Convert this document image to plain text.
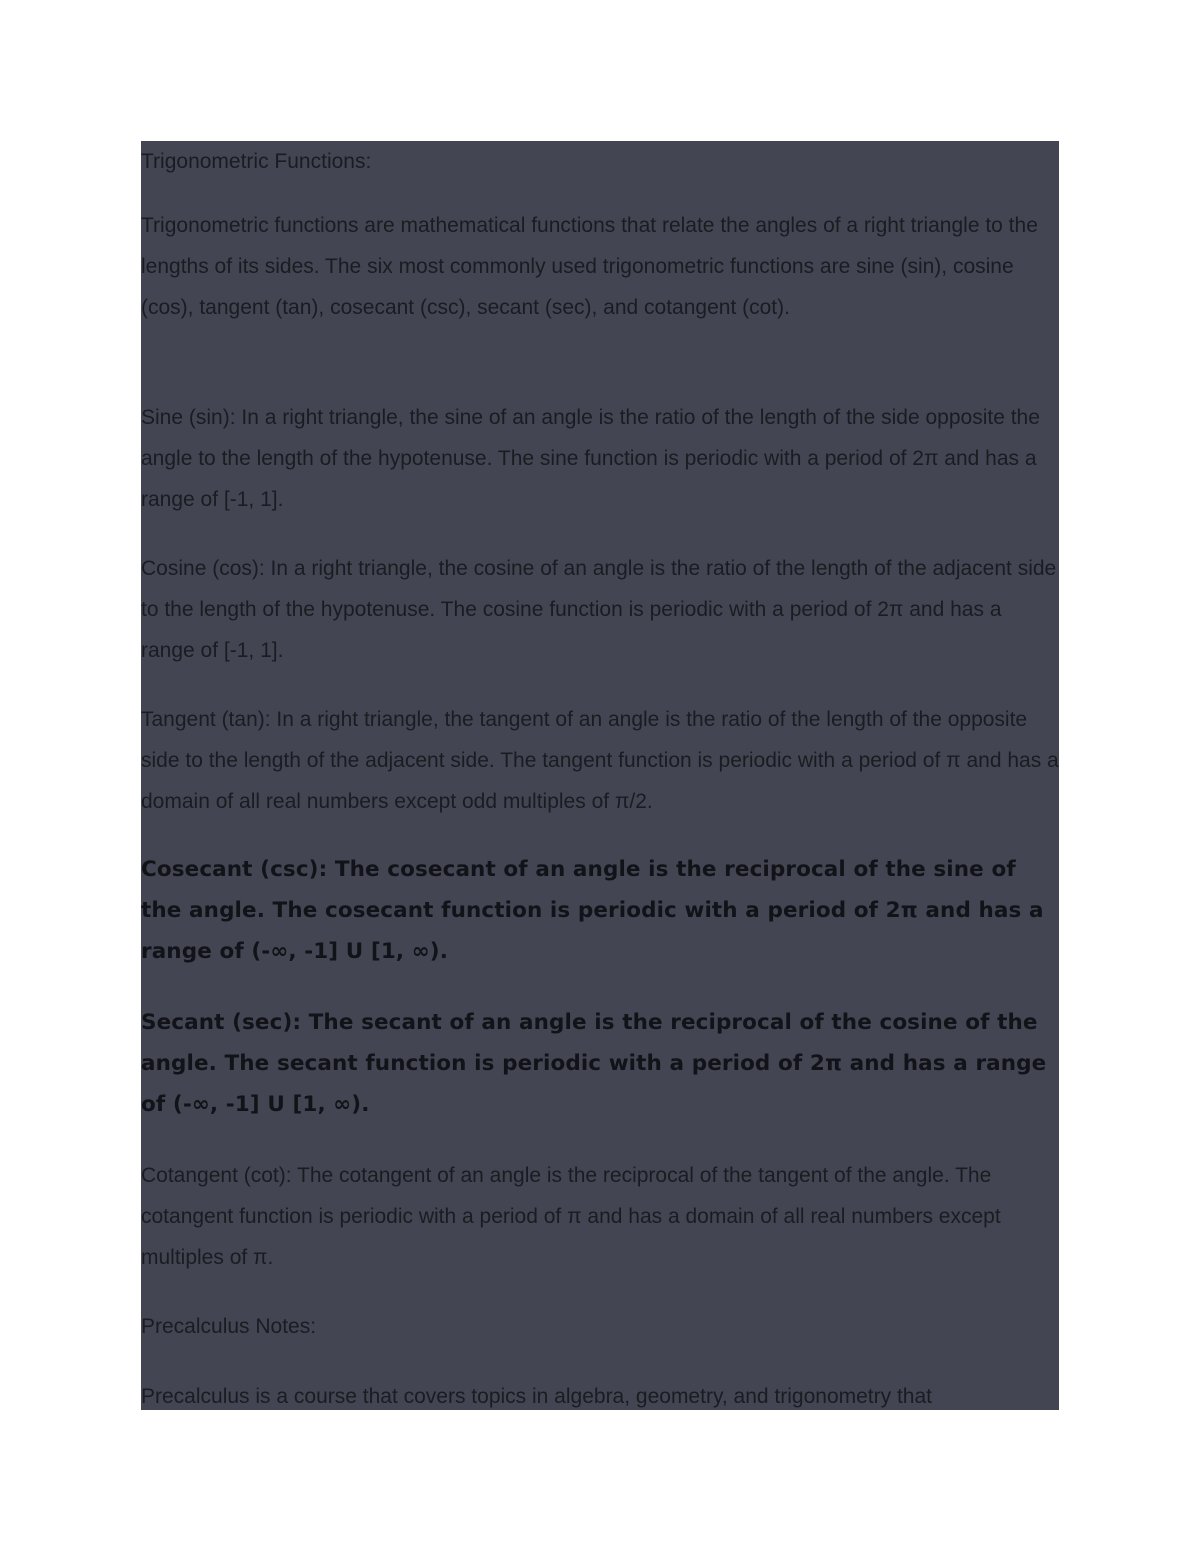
Trigonometric Functions:

Trigonometric functions are mathematical functions that relate the angles of a right triangle to the lengths of its sides. The six most commonly used trigonometric functions are sine (sin), cosine (cos), tangent (tan), cosecant (csc), secant (sec), and cotangent (cot).

Sine (sin): In a right triangle, the sine of an angle is the ratio of the length of the side opposite the angle to the length of the hypotenuse. The sine function is periodic with a period of 2π and has a range of [-1, 1].

Cosine (cos): In a right triangle, the cosine of an angle is the ratio of the length of the adjacent side to the length of the hypotenuse. The cosine function is periodic with a period of 2π and has a range of [-1, 1].

Tangent (tan): In a right triangle, the tangent of an angle is the ratio of the length of the opposite side to the length of the adjacent side. The tangent function is periodic with a period of π and has a domain of all real numbers except odd multiples of π/2.

Cosecant (csc): The cosecant of an angle is the reciprocal of the sine of the angle. The cosecant function is periodic with a period of 2π and has a range of (-∞, -1] U [1, ∞).

Secant (sec): The secant of an angle is the reciprocal of the cosine of the angle. The secant function is periodic with a period of 2π and has a range of (-∞, -1] U [1, ∞).

Cotangent (cot): The cotangent of an angle is the reciprocal of the tangent of the angle. The cotangent function is periodic with a period of π and has a domain of all real numbers except multiples of π.

Precalculus Notes:

Precalculus is a course that covers topics in algebra, geometry, and trigonometry that
